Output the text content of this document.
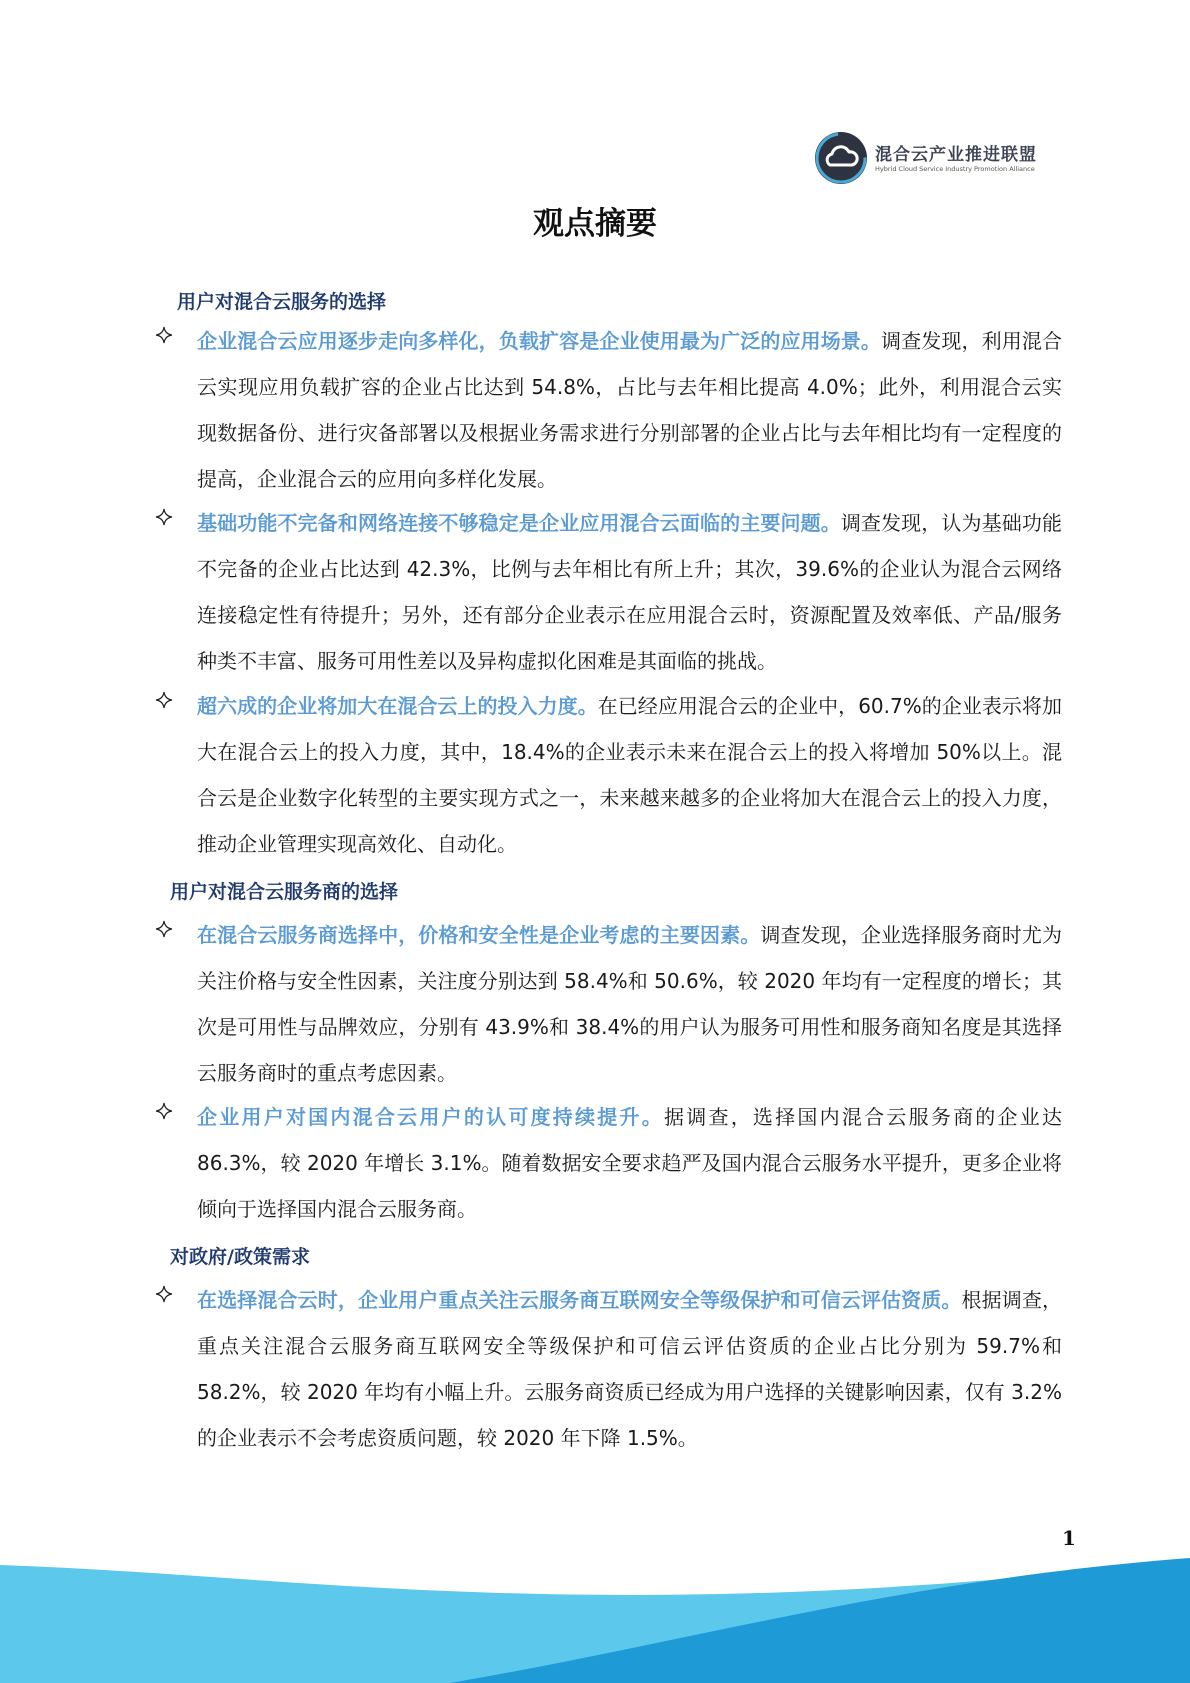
混合云产业推进联盟
Hybrid Cloud Service Industry Promotion Alliance
观点摘要
用户对混合云服务的选择
企业混合云应用逐步走向多样化，负载扩容是企业使用最为广泛的应用场景。调查发现，利用混合云实现应用负载扩容的企业占比达到 54.8%，占比与去年相比提高 4.0%；此外，利用混合云实现数据备份、进行灾备部署以及根据业务需求进行分别部署的企业占比与去年相比均有一定程度的提高，企业混合云的应用向多样化发展。
基础功能不完备和网络连接不够稳定是企业应用混合云面临的主要问题。调查发现，认为基础功能不完备的企业占比达到 42.3%，比例与去年相比有所上升；其次，39.6%的企业认为混合云网络连接稳定性有待提升；另外，还有部分企业表示在应用混合云时，资源配置及效率低、产品/服务种类不丰富、服务可用性差以及异构虚拟化困难是其面临的挑战。
超六成的企业将加大在混合云上的投入力度。在已经应用混合云的企业中，60.7%的企业表示将加大在混合云上的投入力度，其中，18.4%的企业表示未来在混合云上的投入将增加 50%以上。混合云是企业数字化转型的主要实现方式之一，未来越来越多的企业将加大在混合云上的投入力度，推动企业管理实现高效化、自动化。
用户对混合云服务商的选择
在混合云服务商选择中，价格和安全性是企业考虑的主要因素。调查发现，企业选择服务商时尤为关注价格与安全性因素，关注度分别达到 58.4%和 50.6%，较 2020 年均有一定程度的增长；其次是可用性与品牌效应，分别有 43.9%和 38.4%的用户认为服务可用性和服务商知名度是其选择云服务商时的重点考虑因素。
企业用户对国内混合云用户的认可度持续提升。据调查，选择国内混合云服务商的企业达 86.3%，较 2020 年增长 3.1%。随着数据安全要求趋严及国内混合云服务水平提升，更多企业将倾向于选择国内混合云服务商。
对政府/政策需求
在选择混合云时，企业用户重点关注云服务商互联网安全等级保护和可信云评估资质。根据调查，重点关注混合云服务商互联网安全等级保护和可信云评估资质的企业占比分别为 59.7%和 58.2%，较 2020 年均有小幅上升。云服务商资质已经成为用户选择的关键影响因素，仅有 3.2%的企业表示不会考虑资质问题，较 2020 年下降 1.5%。
1
